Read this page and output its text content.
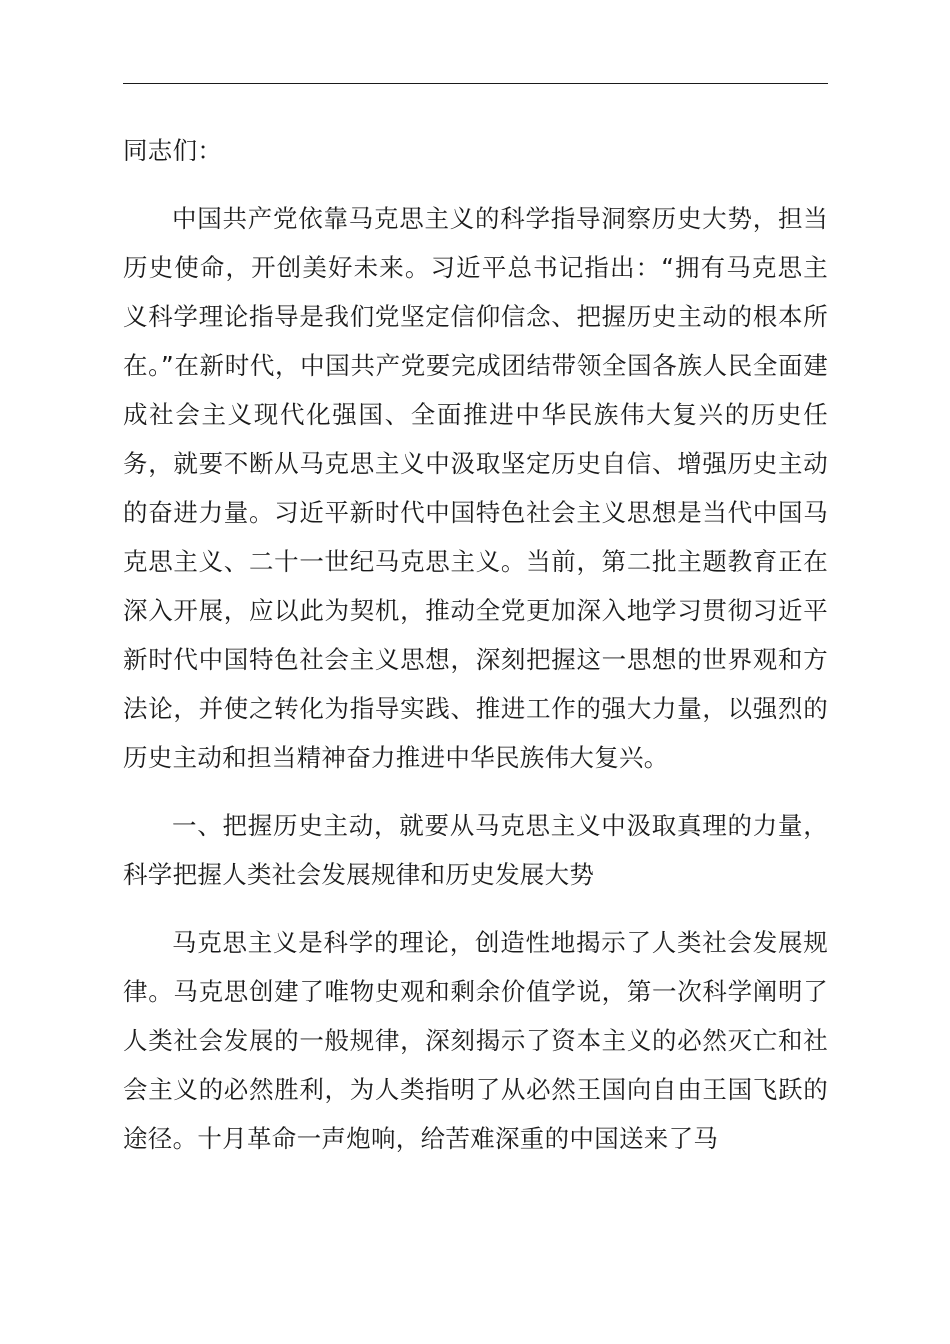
同志们：

中国共产党依靠马克思主义的科学指导洞察历史大势，担当历史使命，开创美好未来。习近平总书记指出：“拥有马克思主义科学理论指导是我们党坚定信仰信念、把握历史主动的根本所在。”在新时代，中国共产党要完成团结带领全国各族人民全面建成社会主义现代化强国、全面推进中华民族伟大复兴的历史任务，就要不断从马克思主义中汲取坚定历史自信、增强历史主动的奋进力量。习近平新时代中国特色社会主义思想是当代中国马克思主义、二十一世纪马克思主义。当前，第二批主题教育正在深入开展，应以此为契机，推动全党更加深入地学习贯彻习近平新时代中国特色社会主义思想，深刻把握这一思想的世界观和方法论，并使之转化为指导实践、推进工作的强大力量，以强烈的历史主动和担当精神奋力推进中华民族伟大复兴。

一、把握历史主动，就要从马克思主义中汲取真理的力量，科学把握人类社会发展规律和历史发展大势

马克思主义是科学的理论，创造性地揭示了人类社会发展规律。马克思创建了唯物史观和剩余价值学说，第一次科学阐明了人类社会发展的一般规律，深刻揭示了资本主义的必然灭亡和社会主义的必然胜利，为人类指明了从必然王国向自由王国飞跃的途径。十月革命一声炮响，给苦难深重的中国送来了马
